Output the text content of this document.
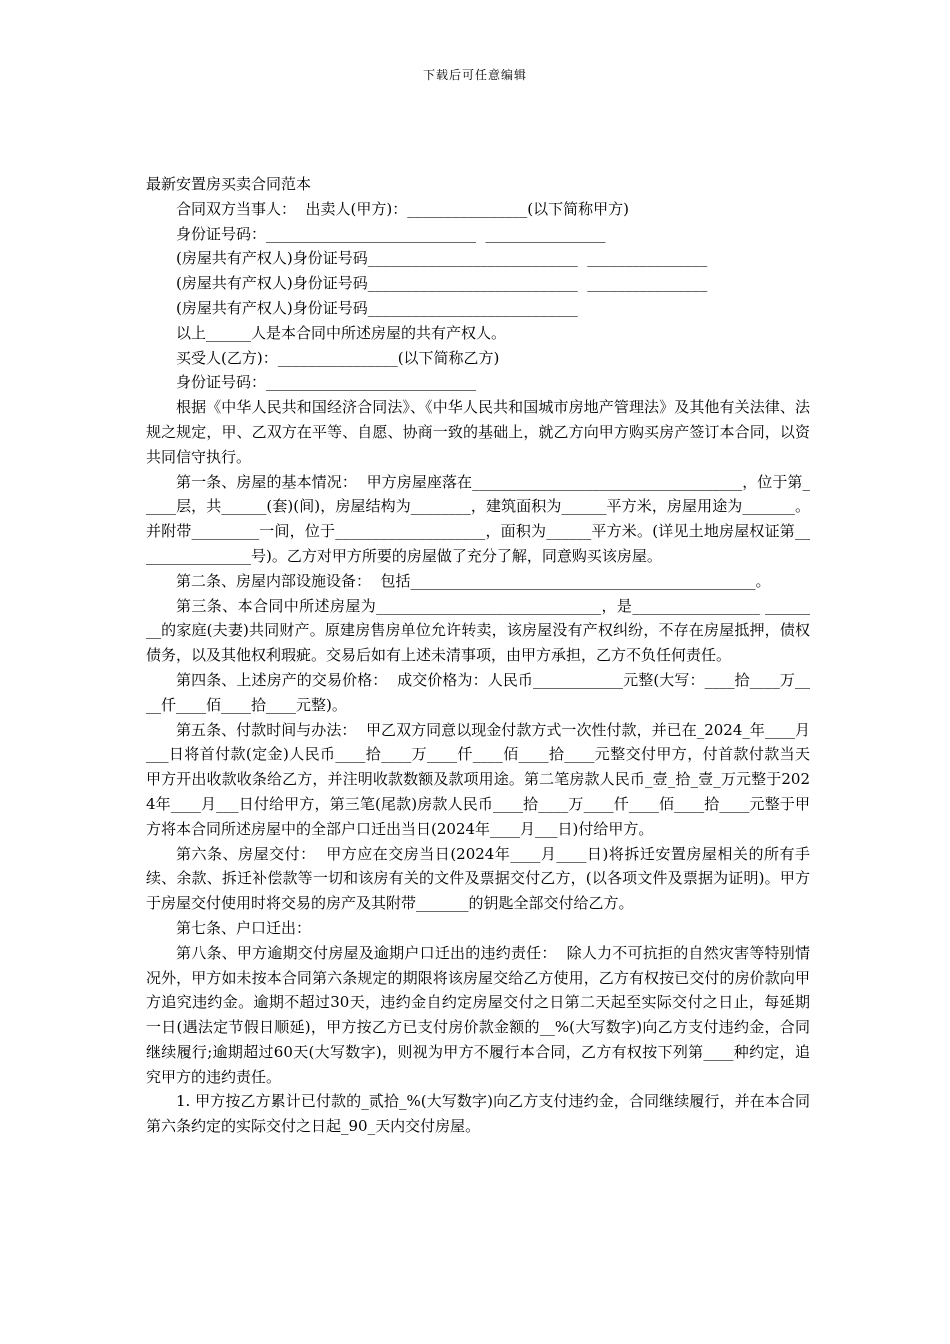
下载后可任意编辑

最新安置房买卖合同范本

合同双方当事人：  出卖人(甲方)：________________(以下简称甲方)

身份证号码：____________________________  ________________

(房屋共有产权人)身份证号码____________________________  ________________

(房屋共有产权人)身份证号码____________________________  ________________

(房屋共有产权人)身份证号码____________________________

以上______人是本合同中所述房屋的共有产权人。

买受人(乙方)：________________(以下简称乙方)

身份证号码：____________________________

根据《中华人民共和国经济合同法》、《中华人民共和国城市房地产管理法》及其他有关法律、法规之规定，甲、乙双方在平等、自愿、协商一致的基础上，就乙方向甲方购买房产签订本合同，以资共同信守执行。

第一条、房屋的基本情况：  甲方房屋座落在____________________________________，位于第_____层，共______(套)(间)，房屋结构为________，建筑面积为______平方米，房屋用途为_______。并附带_________一间，位于____________________，面积为______平方米。(详见土地房屋权证第________________号)。乙方对甲方所要的房屋做了充分了解，同意购买该房屋。

第二条、房屋内部设施设备：  包括______________________________________________。

第三条、本合同中所述房屋为______________________________，是_________________ ________的家庭(夫妻)共同财产。原建房售房单位允许转卖，该房屋没有产权纠纷，不存在房屋抵押，债权债务，以及其他权利瑕疵。交易后如有上述未清事项，由甲方承担，乙方不负任何责任。

第四条、上述房产的交易价格：  成交价格为：人民币____________元整(大写：____拾____万____仟____佰____拾____元整)。

第五条、付款时间与办法：  甲乙双方同意以现金付款方式一次性付款，并已在_2024_年____月___日将首付款(定金)人民币____拾____万____仟____佰____拾____元整交付甲方，付首款付款当天甲方开出收款收条给乙方，并注明收款数额及款项用途。第二笔房款人民币_壹_拾_壹_万元整于2024年____月___日付给甲方，第三笔(尾款)房款人民币____拾____万____仟____佰____拾____元整于甲方将本合同所述房屋中的全部户口迁出当日(2024年____月___日)付给甲方。

第六条、房屋交付：  甲方应在交房当日(2024年____月____日)将拆迁安置房屋相关的所有手续、余款、拆迁补偿款等一切和该房有关的文件及票据交付乙方，(以各项文件及票据为证明)。甲方于房屋交付使用时将交易的房产及其附带_______的钥匙全部交付给乙方。

第七条、户口迁出：

第八条、甲方逾期交付房屋及逾期户口迁出的违约责任：  除人力不可抗拒的自然灾害等特别情况外，甲方如未按本合同第六条规定的期限将该房屋交给乙方使用，乙方有权按已交付的房价款向甲方追究违约金。逾期不超过30天，违约金自约定房屋交付之日第二天起至实际交付之日止，每延期一日(遇法定节假日顺延)，甲方按乙方已支付房价款金额的__%(大写数字)向乙方支付违约金，合同继续履行;逾期超过60天(大写数字)，则视为甲方不履行本合同，乙方有权按下列第____种约定，追究甲方的违约责任。

1. 甲方按乙方累计已付款的_贰拾_%(大写数字)向乙方支付违约金，合同继续履行，并在本合同第六条约定的实际交付之日起_90_天内交付房屋。
